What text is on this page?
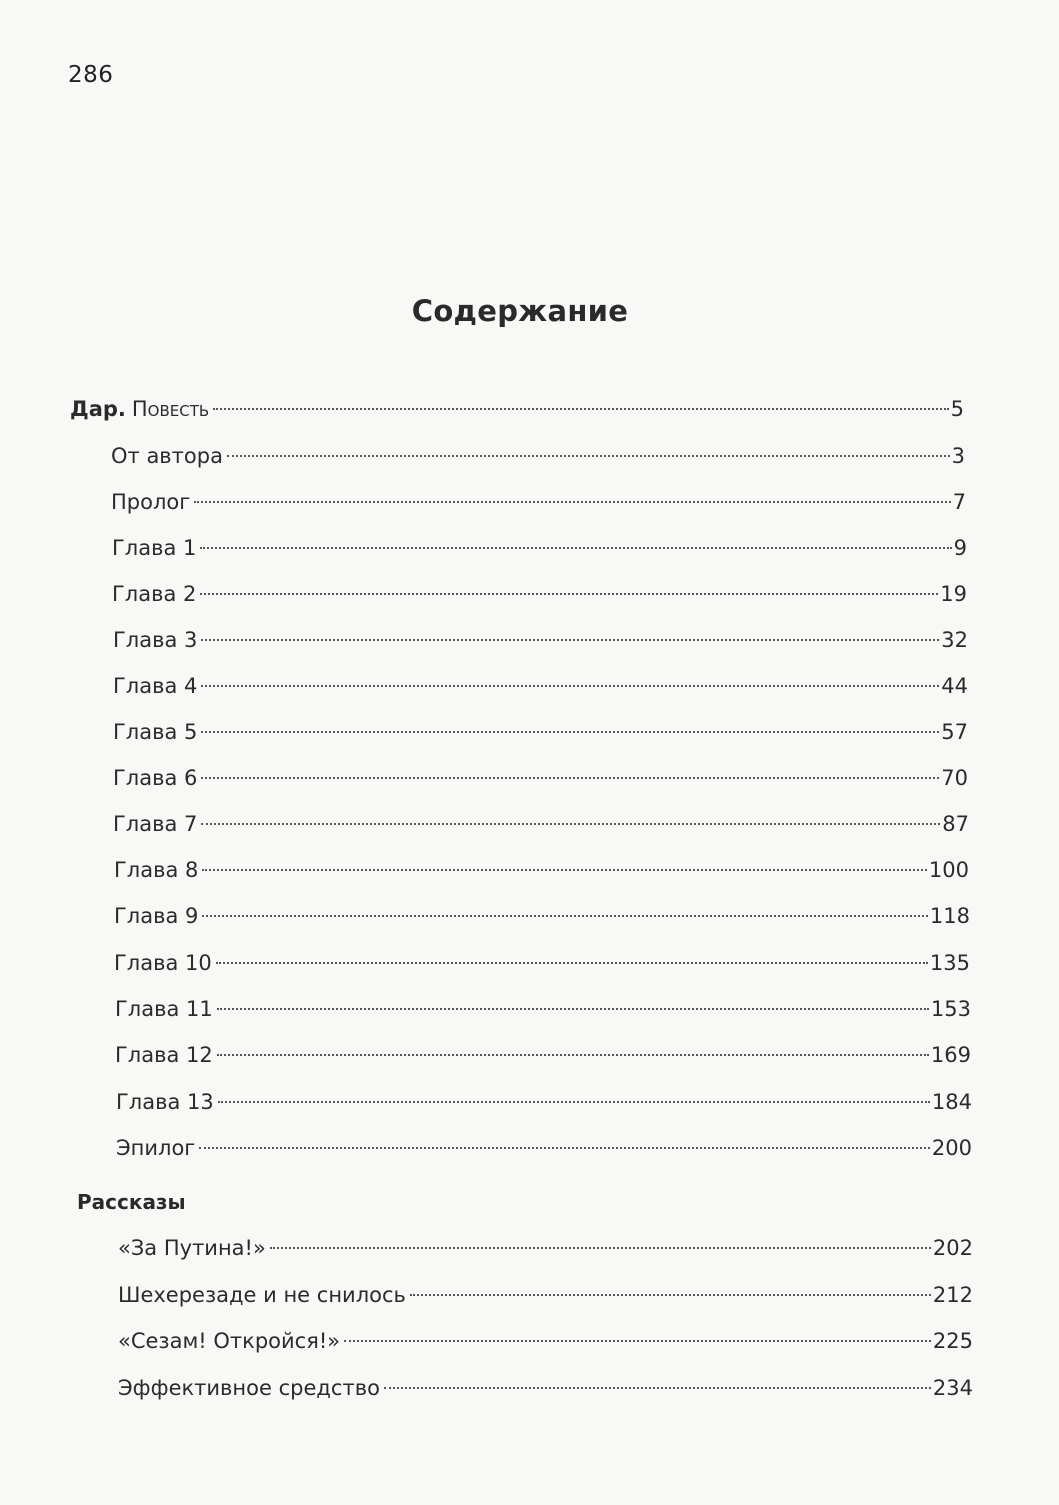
286
Содержание
Дар. Повесть	5
От автора	3
Пролог	7
Глава 1	9
Глава 2	19
Глава 3	32
Глава 4	44
Глава 5	57
Глава 6	70
Глава 7	87
Глава 8	100
Глава 9	118
Глава 10	135
Глава 11	153
Глава 12	169
Глава 13	184
Эпилог	200
Рассказы
«За Путина!»	202
Шехерезаде и не снилось	212
«Сезам! Откройся!»	225
Эффективное средство	234
